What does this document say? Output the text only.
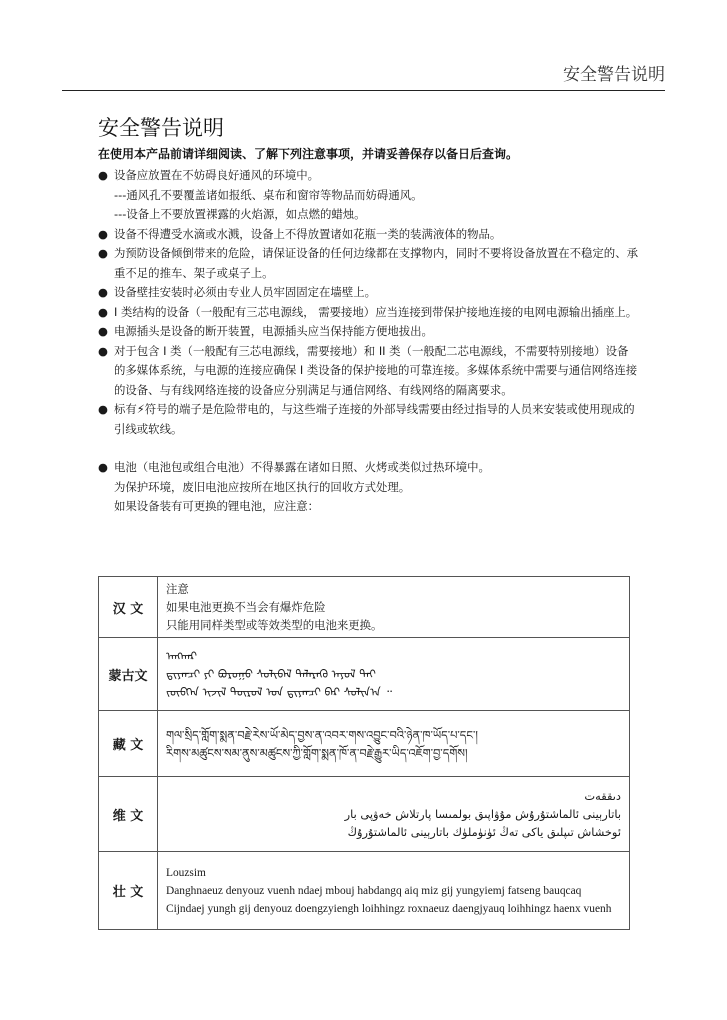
安全警告说明
安全警告说明
在使用本产品前请详细阅读、了解下列注意事项，并请妥善保存以备日后查询。
● 设备应放置在不妨碍良好通风的环境中。
---通风孔不要覆盖诸如报纸、桌布和窗帘等物品而妨碍通风。
---设备上不要放置裸露的火焰源，如点燃的蜡烛。
● 设备不得遭受水滴或水溅，设备上不得放置诸如花瓶一类的装满液体的物品。
● 为预防设备倾倒带来的危险，请保证设备的任何边缘都在支撑物内，同时不要将设备放置在不稳定的、承重不足的推车、架子或桌子上。
● 设备壁挂安装时必须由专业人员牢固固定在墙壁上。
● I 类结构的设备（一般配有三芯电源线， 需要接地）应当连接到带保护接地连接的电网电源输出插座上。
● 电源插头是设备的断开装置，电源插头应当保持能方便地拔出。
● 对于包含 I 类（一般配有三芯电源线，需要接地）和 II 类（一般配二芯电源线，不需要特别接地）设备的多媒体系统，与电源的连接应确保 I 类设备的保护接地的可靠连接。多媒体系统中需要与通信网络连接的设备、与有线网络连接的设备应分别满足与通信网络、有线网络的隔离要求。
● 标有⚡符号的端子是危险带电的，与这些端子连接的外部导线需要由经过指导的人员来安装或使用现成的引线或软线。
● 电池（电池包或组合电池）不得暴露在诸如日照、火烤或类似过热环境中。
为保护环境，废旧电池应按所在地区执行的回收方式处理。
如果设备装有可更换的锂电池，应注意：
汉 文	注意
如果电池更换不当会有爆炸危险
只能用同样类型或等效类型的电池来更换。

蒙古文	ᠠᠩᠬᠠᠷ
ᠳ᠋ᠢᠶᠠᠨᠴᠢ ᠶᠢ ᠪᠤᠷᠤᠭᠤ ᠰᠣᠯᠢᠪᠠᠯ ᠳᠡᠯᠡᠷᠡᠬᠦ ᠠᠶᠤᠯ ᠲᠠᠢ
ᠵᠥᠪᠬᠡᠨ ᠢᠵᠢᠯ ᠲᠥᠷᠥᠯ ᠤᠨ ᠳ᠋ᠢᠶᠠᠨᠴᠢ ᠪᠡᠷ ᠰᠣᠯᠢᠨ᠎ᠠ ᠃

藏 文	གལ་སྲིད་གློག་སྨན་བརྗེ་རེས་ཡོ་མེད་བྱས་ན་འབར་གས་འབྱུང་བའི་ཉེན་ཁ་ཡོད་པ་དང་།
རིགས་མཚུངས་སམ་ནུས་མཚུངས་ཀྱི་གློག་སྨན་ཁོ་ན་བརྗེ་རྒྱུར་ཡིད་འཇོག་བྱ་དགོས།

维 文	دىققەت
باتارېينى ئالماشتۇرۇش مۇۋاپىق بولمىسا پارتلاش خەۋپى بار
ئوخشاش تىپلىق ياكى تەڭ ئۈنۈملۈك باتارېينى ئالماشتۇرۇڭ

壮 文	Louzsim
Danghnaeuz denyouz vuenh ndaej mbouj habdangq aiq miz gij yungyiemj fatseng bauqcaq
Cijndaej yungh gij denyouz doengzyiengh loihhingz roxnaeuz daengjyauq loihhingz haenx vuenh
